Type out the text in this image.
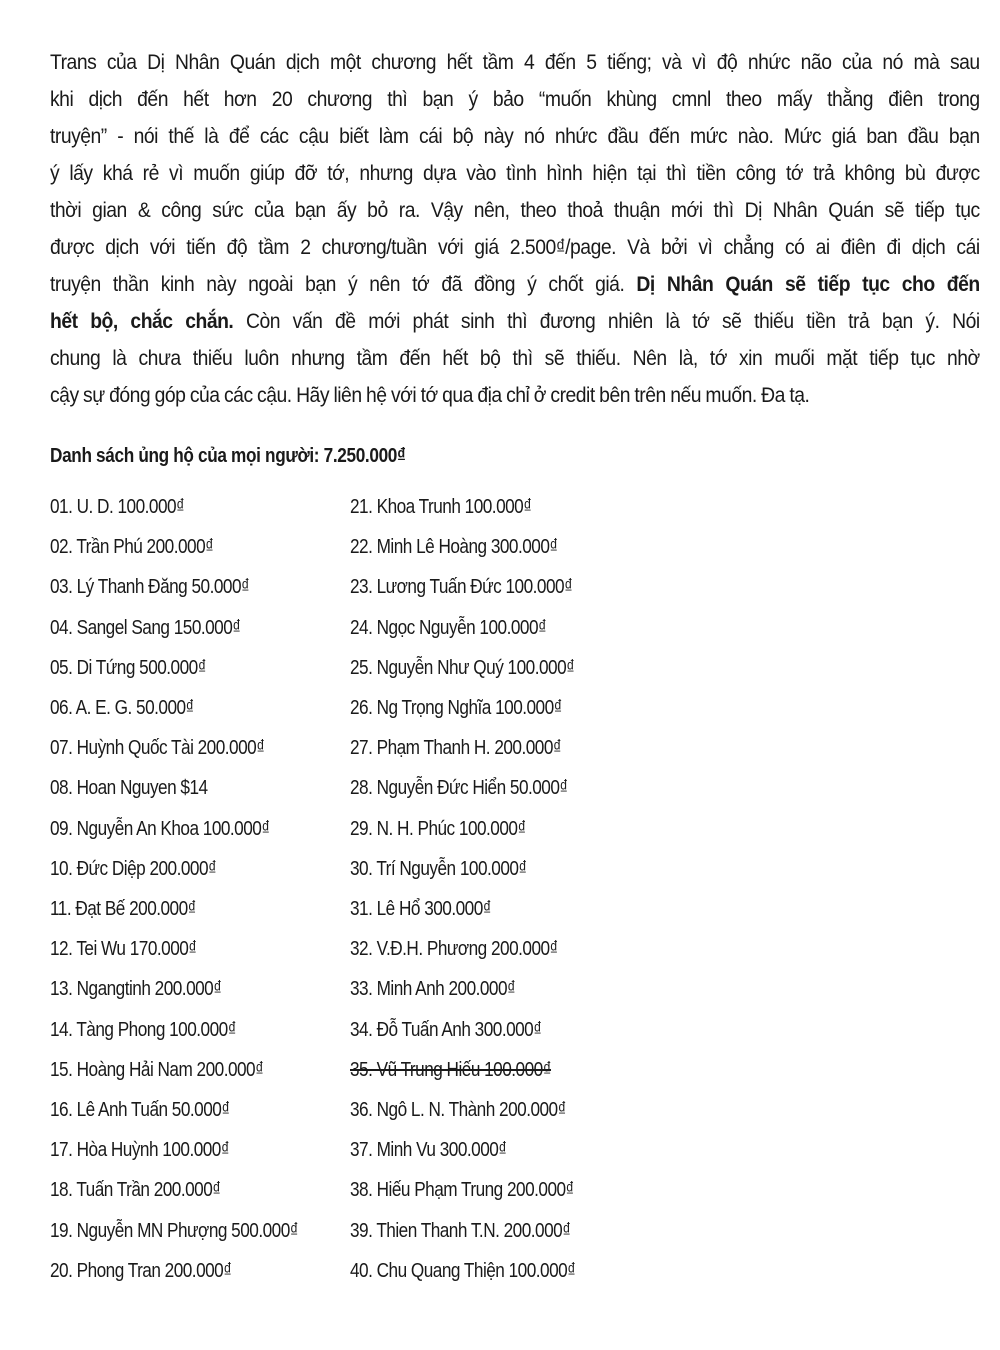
Trans của Dị Nhân Quán dịch một chương hết tầm 4 đến 5 tiếng; và vì độ nhức não của nó mà sau
khi dịch đến hết hơn 20 chương thì bạn ý bảo “muốn khùng cmnl theo mấy thằng điên trong
truyện” - nói thế là để các cậu biết làm cái bộ này nó nhức đầu đến mức nào. Mức giá ban đầu bạn
ý lấy khá rẻ vì muốn giúp đỡ tớ, nhưng dựa vào tình hình hiện tại thì tiền công tớ trả không bù được
thời gian & công sức của bạn ấy bỏ ra. Vậy nên, theo thoả thuận mới thì Dị Nhân Quán sẽ tiếp tục
được dịch với tiến độ tầm 2 chương/tuần với giá 2.500₫/page. Và bởi vì chẳng có ai điên đi dịch cái
truyện thần kinh này ngoài bạn ý nên tớ đã đồng ý chốt giá. Dị Nhân Quán sẽ tiếp tục cho đến
hết bộ, chắc chắn. Còn vấn đề mới phát sinh thì đương nhiên là tớ sẽ thiếu tiền trả bạn ý. Nói
chung là chưa thiếu luôn nhưng tầm đến hết bộ thì sẽ thiếu. Nên là, tớ xin muối mặt tiếp tục nhờ
cậy sự đóng góp của các cậu. Hãy liên hệ với tớ qua địa chỉ ở credit bên trên nếu muốn. Đa tạ.
Danh sách ủng hộ của mọi người: 7.250.000₫
01. U. D. 100.000₫
02. Trần Phú 200.000₫
03. Lý Thanh Đăng 50.000₫
04. Sangel Sang 150.000₫
05. Di Tứng 500.000₫
06. A. E. G. 50.000₫
07. Huỳnh Quốc Tài 200.000₫
08. Hoan Nguyen $14
09. Nguyễn An Khoa 100.000₫
10. Đức Diệp 200.000₫
11. Đạt Bế 200.000₫
12. Tei Wu 170.000₫
13. Ngangtinh 200.000₫
14. Tàng Phong 100.000₫
15. Hoàng Hải Nam 200.000₫
16. Lê Anh Tuấn 50.000₫
17. Hòa Huỳnh 100.000₫
18. Tuấn Trần 200.000₫
19. Nguyễn MN Phượng 500.000₫
20. Phong Tran 200.000₫
21. Khoa Trunh 100.000₫
22. Minh Lê Hoàng 300.000₫
23. Lương Tuấn Đức 100.000₫
24. Ngọc Nguyễn 100.000₫
25. Nguyễn Như Quý 100.000₫
26. Ng Trọng Nghĩa 100.000₫
27. Phạm Thanh H. 200.000₫
28. Nguyễn Đức Hiển 50.000₫
29. N. H. Phúc 100.000₫
30. Trí Nguyễn 100.000₫
31. Lê Hổ 300.000₫
32. V.Đ.H. Phương 200.000₫
33. Minh Anh 200.000₫
34. Đỗ Tuấn Anh 300.000₫
35. Vũ Trung Hiếu 100.000₫
36. Ngô L. N. Thành 200.000₫
37. Minh Vu 300.000₫
38. Hiếu Phạm Trung 200.000₫
39. Thien Thanh T.N. 200.000₫
40. Chu Quang Thiện 100.000₫
